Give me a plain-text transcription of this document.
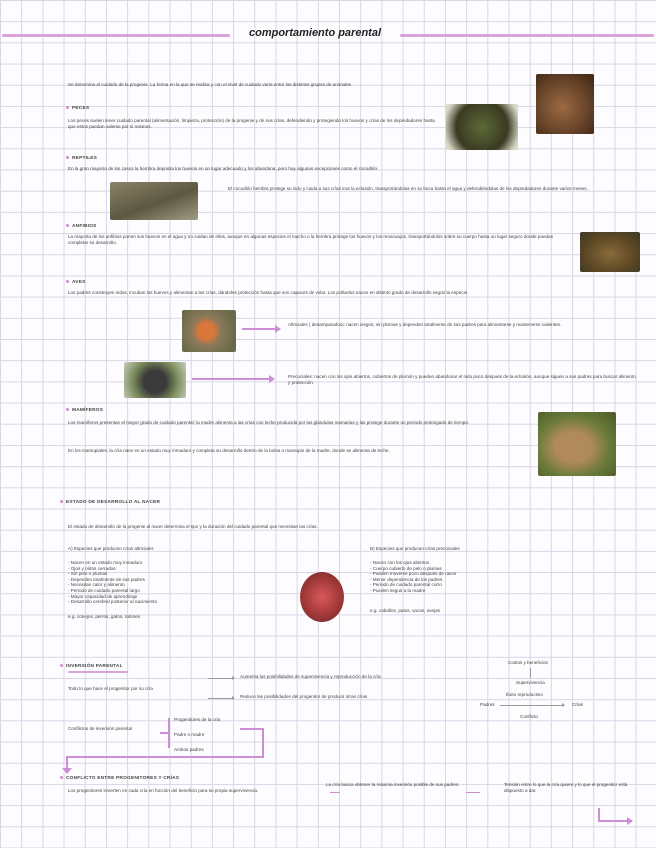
comportamiento parental
Se denomina al cuidado de la progenie. La forma en la que se realiza y con el nivel de cuidado varía entre los distintos grupos de animales
PECES
Los peces suelen tener cuidado parental (alimentación, limpieza, protección) de la progenie y de sus crías, defendiendo y protegiendo los huevos y crías de los depredadores hasta que estos puedan valerse por sí mismos.
REPTILES
En la gran mayoría de los casos la hembra deposita los huevos en un lugar adecuado y los abandona, pero hay algunas excepciones como el cocodrilo.
El cocodrilo hembra protege su nido y cuida a sus crías tras la eclosión, transportándolas en su boca hasta el agua y defendiéndolas de los depredadores durante varios meses.
ANFIBIOS
La mayoría de los anfibios ponen sus huevos en el agua y no cuidan de ellos, aunque en algunas especies el macho o la hembra protege los huevos y los renacuajos, transportándolos sobre su cuerpo hasta un lugar seguro donde puedan completar su desarrollo.
AVES
Los padres construyen nidos, incuban los huevos y alimentan a las crías, dándoles protección hasta que son capaces de volar. Los polluelos nacen en distinto grado de desarrollo según la especie.
Altriciales ( desamparados): nacen ciegos, sin plumas y dependen totalmente de sus padres para alimentarse y mantenerse calientes.
Precociales: nacen con los ojos abiertos, cubiertos de plumón y pueden abandonar el nido poco después de la eclosión, aunque siguen a sus padres para buscar alimento y protección.
MAMÍFEROS
Los mamíferos presentan el mayor grado de cuidado parental: la madre alimenta a las crías con leche producida por las glándulas mamarias y las protege durante un periodo prolongado de tiempo.
En los marsupiales, la cría nace en un estado muy inmaduro y completa su desarrollo dentro de la bolsa o marsupio de la madre, donde se alimenta de leche.
ESTADO DE DESARROLLO AL NACER
El estado de desarrollo de la progenie al nacer determina el tipo y la duración del cuidado parental que necesitan las crías.
A) Especies que producen crías altriciales
- Nacen en un estado muy inmaduro
- Ojos y oídos cerrados
- Sin pelo o plumas
- Dependen totalmente de sus padres
- Necesitan calor y alimento
- Periodo de cuidado parental largo
- Mayor capacidad de aprendizaje
- Desarrollo cerebral posterior al nacimiento
e.g. conejos, perros, gatos, ratones
B) Especies que producen crías precociales
- Nacen con los ojos abiertos
- Cuerpo cubierto de pelo o plumas
- Pueden moverse poco después de nacer
- Menor dependencia de los padres
- Periodo de cuidado parental corto
- Pueden seguir a la madre
e.g. caballos, patos, vacas, ovejas
INVERSIÓN PARENTAL
Todo lo que hace el progenitor por su cría
Aumenta las posibilidades de supervivencia y reproducción de la cría
Reduce las posibilidades del progenitor de producir otras crías
Conflictos de inversión parental
Progenitores de la cría
Padre o madre
Ambos padres
Costos y beneficios
Supervivencia
Éxito reproductivo
Padres	Crías
Conflicto
CONFLICTO ENTRE PROGENITORES Y CRÍAS
Los progenitores invierten en cada cría en función del beneficio para su propia supervivencia.
La cría busca obtener la máxima inversión posible de sus padres.	Tensión entre lo que la cría quiere y lo que el progenitor está dispuesto a dar.
